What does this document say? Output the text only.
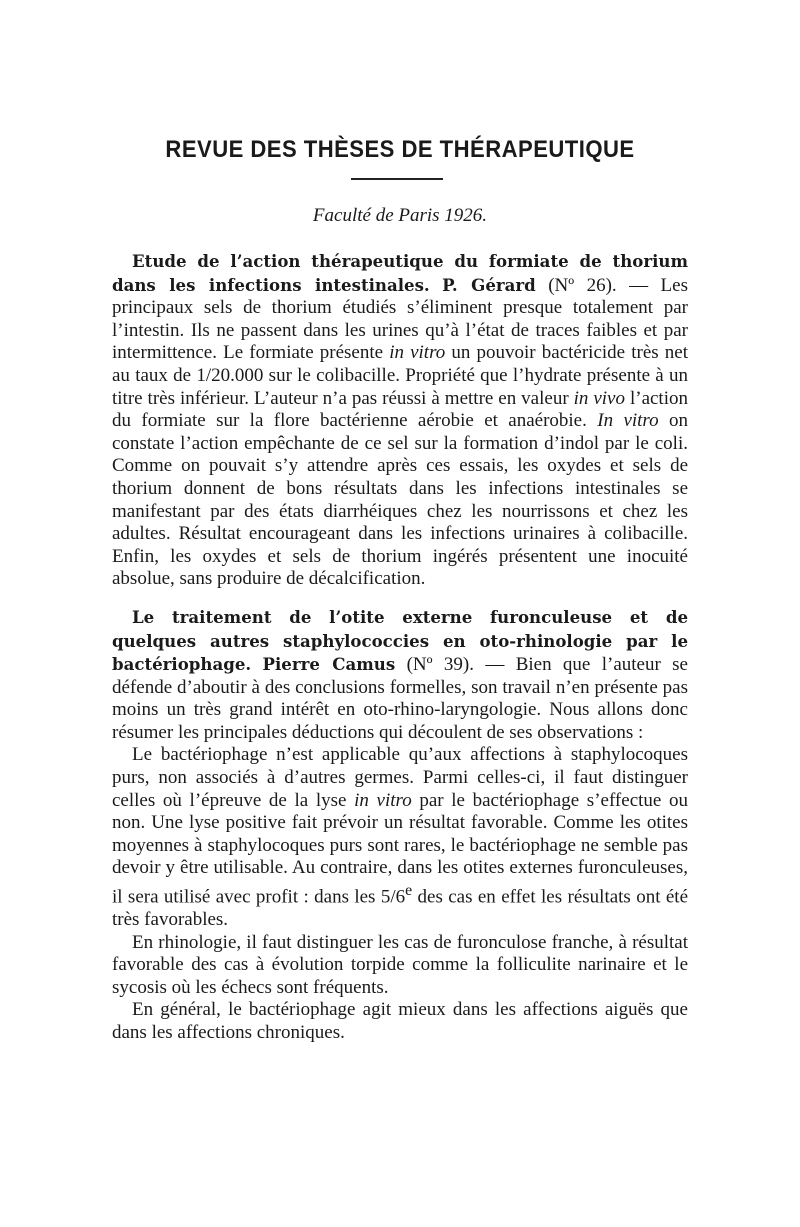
REVUE DES THÈSES DE THÉRAPEUTIQUE
Faculté de Paris 1926.

Etude de l’action thérapeutique du formiate de thorium dans les infections intestinales. P. Gérard (Nº 26). — Les principaux sels de thorium étudiés s’éliminent presque totalement par l’intestin. Ils ne passent dans les urines qu’à l’état de traces faibles et par intermittence. Le formiate présente in vitro un pouvoir bactéricide très net au taux de 1/20.000 sur le colibacille. Propriété que l’hydrate présente à un titre très inférieur. L’auteur n’a pas réussi à mettre en valeur in vivo l’action du formiate sur la flore bactérienne aérobie et anaérobie. In vitro on constate l’action empêchante de ce sel sur la formation d’indol par le coli. Comme on pouvait s’y attendre après ces essais, les oxydes et sels de thorium donnent de bons résultats dans les infections intestinales se manifestant par des états diarrhéiques chez les nourrissons et chez les adultes. Résultat encourageant dans les infections urinaires à colibacille. Enfin, les oxydes et sels de thorium ingérés présentent une inocuité absolue, sans produire de décalcification.

Le traitement de l’otite externe furonculeuse et de quelques autres staphylococcies en oto-rhinologie par le bactériophage. Pierre Camus (Nº 39). — Bien que l’auteur se défende d’aboutir à des conclusions formelles, son travail n’en présente pas moins un très grand intérêt en oto-rhino-laryngologie. Nous allons donc résumer les principales déductions qui découlent de ses observations :

Le bactériophage n’est applicable qu’aux affections à staphylocoques purs, non associés à d’autres germes. Parmi celles-ci, il faut distinguer celles où l’épreuve de la lyse in vitro par le bactériophage s’effectue ou non. Une lyse positive fait prévoir un résultat favorable. Comme les otites moyennes à staphylocoques purs sont rares, le bactériophage ne semble pas devoir y être utilisable. Au contraire, dans les otites externes furonculeuses, il sera utilisé avec profit : dans les 5/6e des cas en effet les résultats ont été très favorables.

En rhinologie, il faut distinguer les cas de furonculose franche, à résultat favorable des cas à évolution torpide comme la folliculite narinaire et le sycosis où les échecs sont fréquents.

En général, le bactériophage agit mieux dans les affections aiguës que dans les affections chroniques.
